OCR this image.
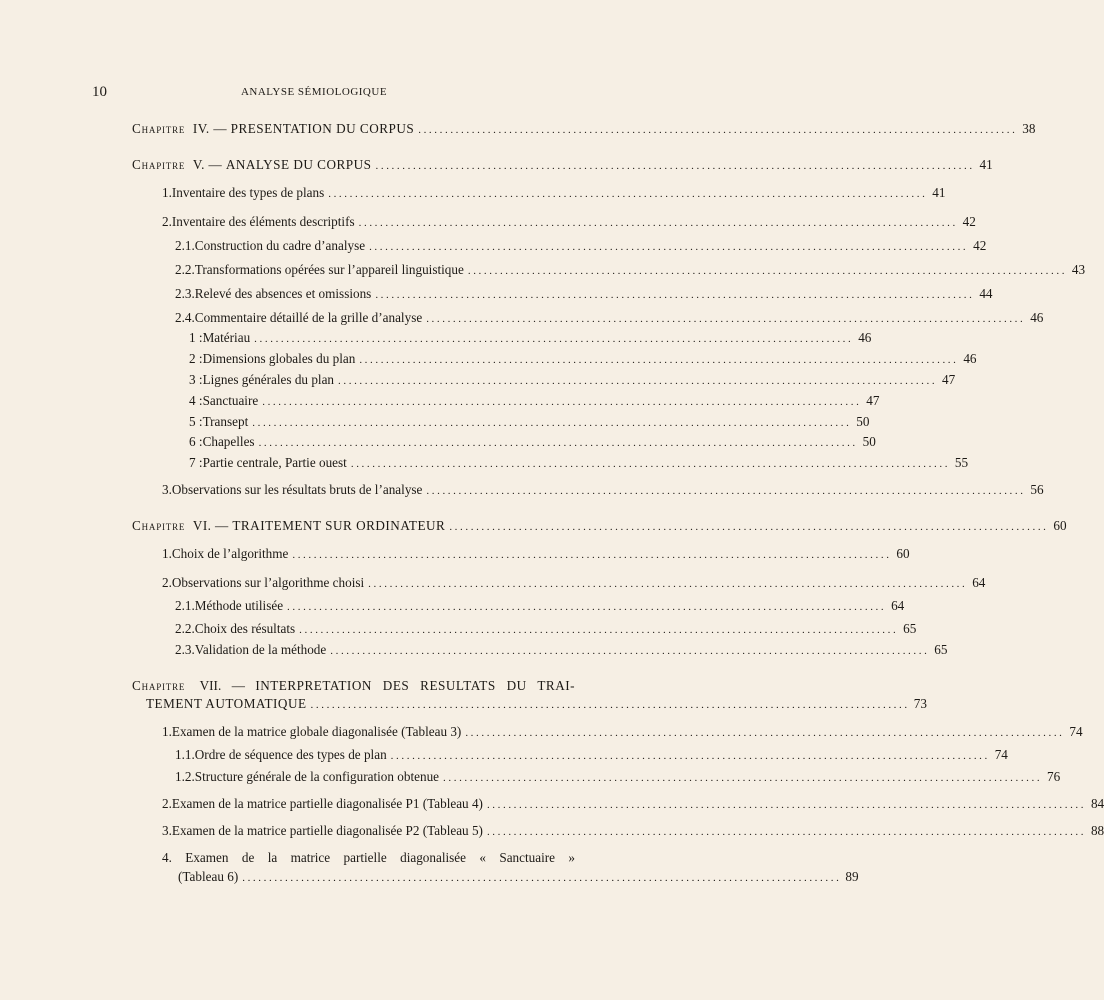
10	ANALYSE SÉMIOLOGIQUE
Chapitre IV. — PRESENTATION DU CORPUS ................................................................................................................ 38
Chapitre V. — ANALYSE DU CORPUS ................................................................................................................ 41
1. Inventaire des types de plans ................................................................................................................ 41
2. Inventaire des éléments descriptifs ................................................................................................................ 42
2.1. Construction du cadre d’analyse ................................................................................................................ 42
2.2. Transformations opérées sur l’appareil linguistique ................................................................................................................ 43
2.3. Relevé des absences et omissions ................................................................................................................ 44
2.4. Commentaire détaillé de la grille d’analyse ................................................................................................................ 46
1 : Matériau ................................................................................................................ 46
2 : Dimensions globales du plan ................................................................................................................ 46
3 : Lignes générales du plan ................................................................................................................ 47
4 : Sanctuaire ................................................................................................................ 47
5 : Transept ................................................................................................................ 50
6 : Chapelles ................................................................................................................ 50
7 : Partie centrale, Partie ouest ................................................................................................................ 55
3. Observations sur les résultats bruts de l’analyse ................................................................................................................ 56
Chapitre VI. — TRAITEMENT SUR ORDINATEUR ................................................................................................................ 60
1. Choix de l’algorithme ................................................................................................................ 60
2. Observations sur l’algorithme choisi ................................................................................................................ 64
2.1. Méthode utilisée ................................................................................................................ 64
2.2. Choix des résultats ................................................................................................................ 65
2.3. Validation de la méthode ................................................................................................................ 65
Chapitre VII. — INTERPRETATION DES RESULTATS DU TRAI-
TEMENT AUTOMATIQUE ................................................................................................................ 73
1. Examen de la matrice globale diagonalisée (Tableau 3) ................................................................................................................ 74
1.1. Ordre de séquence des types de plan ................................................................................................................ 74
1.2. Structure générale de la configuration obtenue ................................................................................................................ 76
2. Examen de la matrice partielle diagonalisée P1 (Tableau 4) ................................................................................................................ 84
3. Examen de la matrice partielle diagonalisée P2 (Tableau 5) ................................................................................................................ 88
4. Examen de la matrice partielle diagonalisée « Sanctuaire »
(Tableau 6) ................................................................................................................ 89
